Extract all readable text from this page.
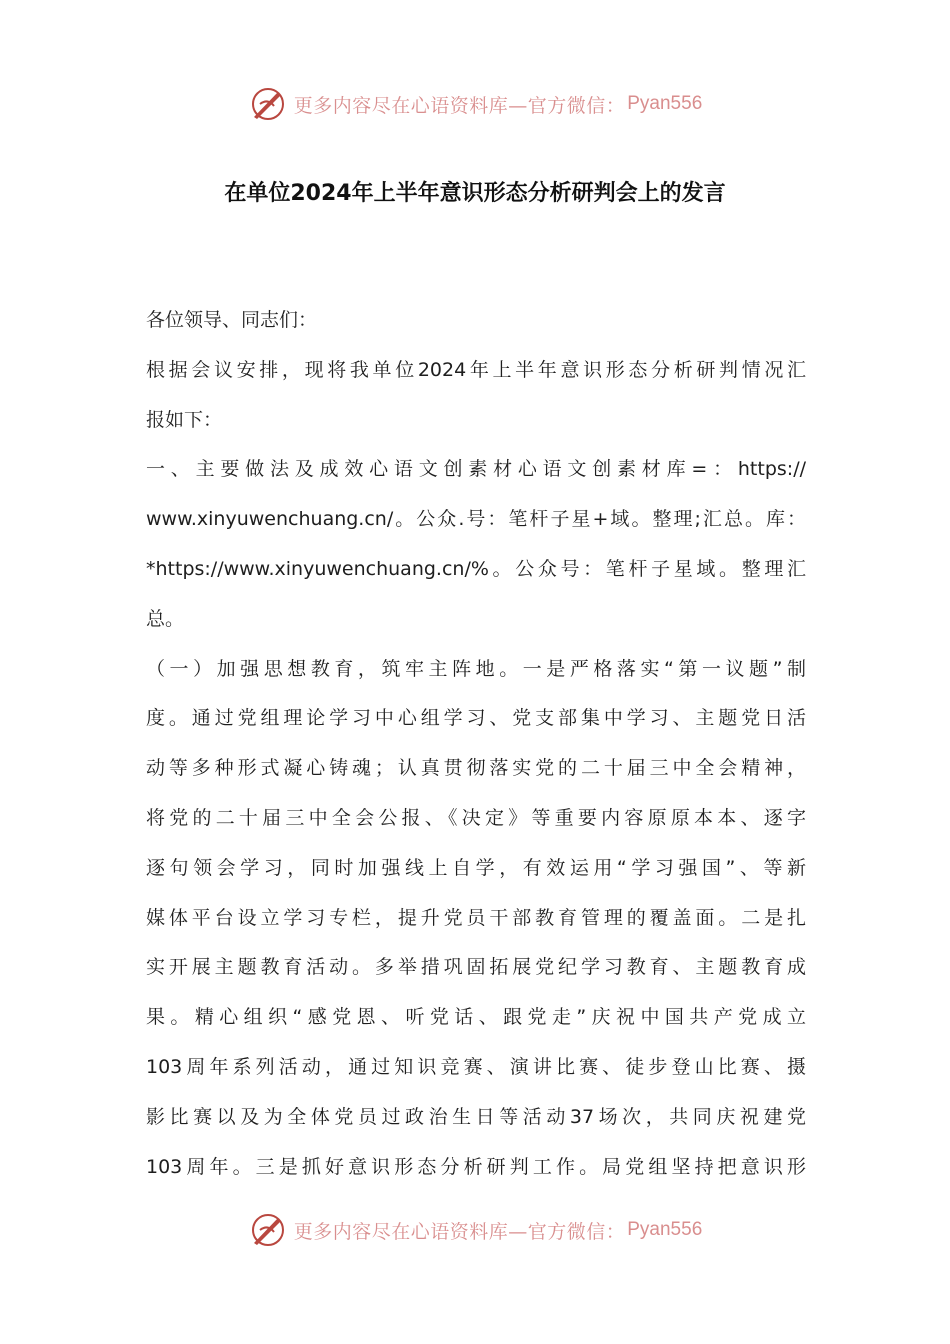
更多内容尽在心语资料库—官方微信： Pyan556
在单位2024年上半年意识形态分析研判会上的发言
各位领导、同志们：
根据会议安排，现将我单位2024年上半年意识形态分析研判情况汇
报如下：
一、主要做法及成效心语文创素材心语文创素材库=：https://
www.xinyuwenchuang.cn/。公众.号：笔杆子星+域。整理;汇总。库：
*https://www.xinyuwenchuang.cn/%。公众号：笔杆子星域。整理汇
总。
（一）加强思想教育，筑牢主阵地。一是严格落实“第一议题”制
度。通过党组理论学习中心组学习、党支部集中学习、主题党日活
动等多种形式凝心铸魂；认真贯彻落实党的二十届三中全会精神，
将党的二十届三中全会公报、《决定》等重要内容原原本本、逐字
逐句领会学习，同时加强线上自学，有效运用“学习强国”、等新
媒体平台设立学习专栏，提升党员干部教育管理的覆盖面。二是扎
实开展主题教育活动。多举措巩固拓展党纪学习教育、主题教育成
果。精心组织“感党恩、听党话、跟党走”庆祝中国共产党成立
103周年系列活动，通过知识竞赛、演讲比赛、徒步登山比赛、摄
影比赛以及为全体党员过政治生日等活动37场次，共同庆祝建党
103周年。三是抓好意识形态分析研判工作。局党组坚持把意识形
更多内容尽在心语资料库—官方微信： Pyan556
